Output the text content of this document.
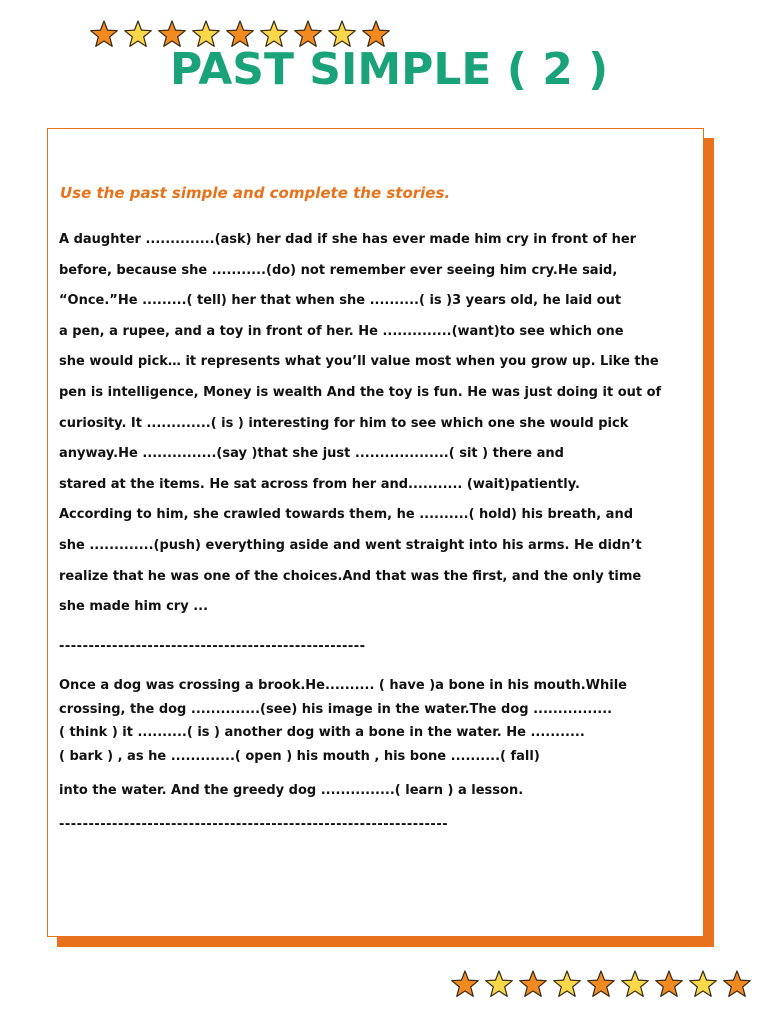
PAST SIMPLE ( 2 )
Use the past simple and complete the stories.

A daughter ..............(ask) her dad if she has ever made him cry in front of her

before, because she ...........(do) not remember ever seeing him cry.He said,

“Once.”He .........( tell) her that when she ..........( is )3 years old, he laid out

a pen, a rupee, and a toy in front of her. He ..............(want)to see which one

she would pick… it represents what you’ll value most when you grow up. Like the

pen is intelligence, Money is wealth And the toy is fun. He was just doing it out of

curiosity. It .............( is ) interesting for him to see which one she would pick

anyway.He ...............(say )that she just ...................( sit ) there and

stared at the items. He sat across from her and........... (wait)patiently.

According to him, she crawled towards them, he ..........( hold) his breath, and

she .............(push) everything aside and went straight into his arms. He didn’t

realize that he was one of the choices.And that was the first, and the only time

she made him cry ...

----------------------------------------------------

Once a dog was crossing a brook.He.......... ( have )a bone in his mouth.While

crossing, the dog ..............(see) his image in the water.The dog ................

( think ) it ..........( is ) another dog with a bone in the water. He ...........

( bark ) , as he .............( open ) his mouth , his bone ..........( fall)

into the water. And the greedy dog ...............( learn ) a lesson.

------------------------------------------------------------------
